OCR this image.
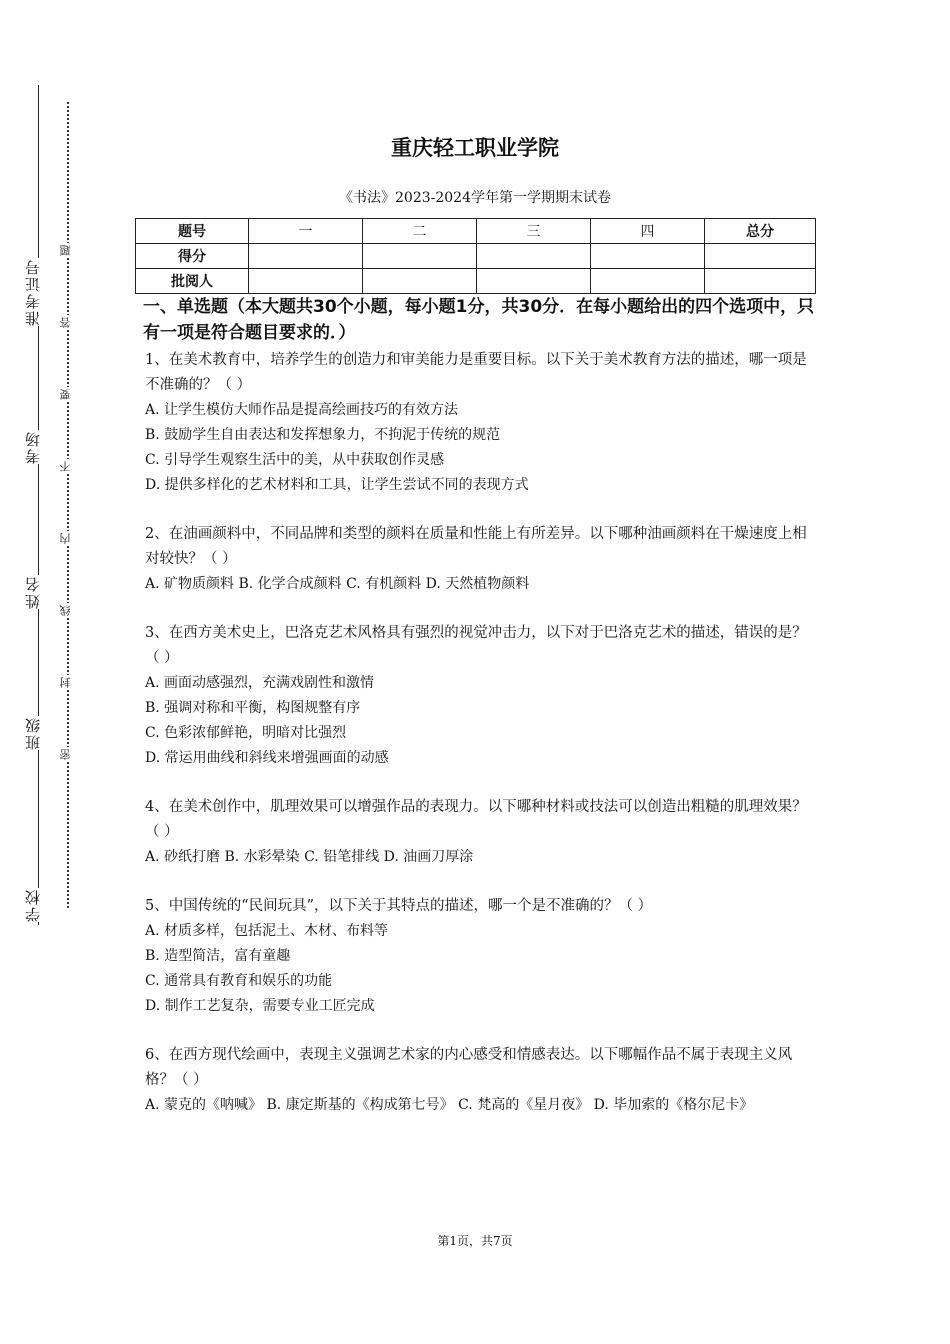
准考证号
考场
姓名
班级
学校
题
答
要
不
内
线
封
密
重庆轻工职业学院
《书法》2023-2024学年第一学期期末试卷
题号	一	二	三	四	总分
得分					
批阅人					
一、单选题（本大题共30个小题，每小题1分，共30分．在每小题给出的四个选项中，只有一项是符合题目要求的．）
1、在美术教育中，培养学生的创造力和审美能力是重要目标。以下关于美术教育方法的描述，哪一项是不准确的？（ ）
A. 让学生模仿大师作品是提高绘画技巧的有效方法
B. 鼓励学生自由表达和发挥想象力，不拘泥于传统的规范
C. 引导学生观察生活中的美，从中获取创作灵感
D. 提供多样化的艺术材料和工具，让学生尝试不同的表现方式
2、在油画颜料中，不同品牌和类型的颜料在质量和性能上有所差异。以下哪种油画颜料在干燥速度上相对较快？（ ）
A. 矿物质颜料 B. 化学合成颜料 C. 有机颜料 D. 天然植物颜料
3、在西方美术史上，巴洛克艺术风格具有强烈的视觉冲击力，以下对于巴洛克艺术的描述，错误的是？（ ）
A. 画面动感强烈，充满戏剧性和激情
B. 强调对称和平衡，构图规整有序
C. 色彩浓郁鲜艳，明暗对比强烈
D. 常运用曲线和斜线来增强画面的动感
4、在美术创作中，肌理效果可以增强作品的表现力。以下哪种材料或技法可以创造出粗糙的肌理效果？（ ）
A. 砂纸打磨 B. 水彩晕染 C. 铅笔排线 D. 油画刀厚涂
5、中国传统的“民间玩具”，以下关于其特点的描述，哪一个是不准确的？（ ）
A. 材质多样，包括泥土、木材、布料等
B. 造型简洁，富有童趣
C. 通常具有教育和娱乐的功能
D. 制作工艺复杂，需要专业工匠完成
6、在西方现代绘画中，表现主义强调艺术家的内心感受和情感表达。以下哪幅作品不属于表现主义风格？（ ）
A. 蒙克的《呐喊》 B. 康定斯基的《构成第七号》 C. 梵高的《星月夜》 D. 毕加索的《格尔尼卡》
第1页，共7页
